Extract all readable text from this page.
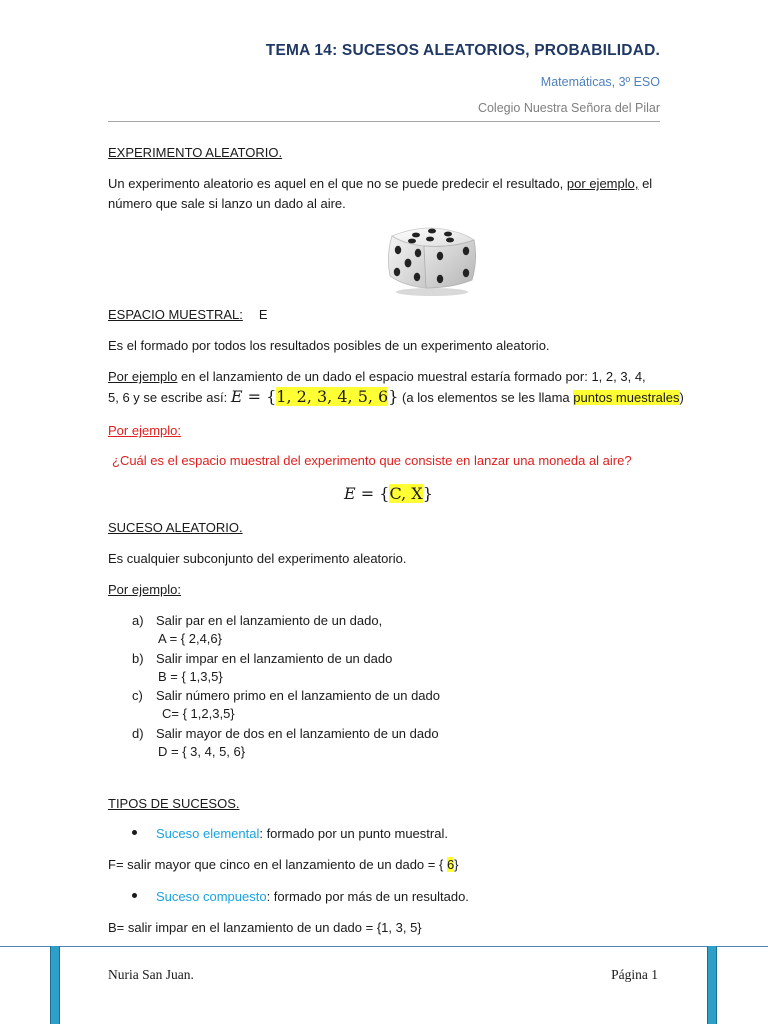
TEMA 14: SUCESOS ALEATORIOS, PROBABILIDAD.
Matemáticas, 3º ESO
Colegio Nuestra Señora del Pilar
EXPERIMENTO ALEATORIO.
Un experimento aleatorio es aquel en el que no se puede predecir el resultado, por ejemplo, el
número que sale si lanzo un dado al aire.
ESPACIO MUESTRAL: E
Es el formado por todos los resultados posibles de un experimento aleatorio.
Por ejemplo en el lanzamiento de un dado el espacio muestral estaría formado por: 1, 2, 3, 4,
5, 6 y se escribe así: E = {1, 2, 3, 4, 5, 6} (a los elementos se les llama puntos muestrales)
Por ejemplo:
¿Cuál es el espacio muestral del experimento que consiste en lanzar una moneda al aire?
E = {C, X}
SUCESO ALEATORIO.
Es cualquier subconjunto del experimento aleatorio.
Por ejemplo:
a) Salir par en el lanzamiento de un dado,
A = { 2,4,6}
b) Salir impar en el lanzamiento de un dado
B = { 1,3,5}
c) Salir número primo en el lanzamiento de un dado
C= { 1,2,3,5}
d) Salir mayor de dos en el lanzamiento de un dado
D = { 3, 4, 5, 6}
TIPOS DE SUCESOS.
Suceso elemental: formado por un punto muestral.
F= salir mayor que cinco en el lanzamiento de un dado = { 6}
Suceso compuesto: formado por más de un resultado.
B= salir impar en el lanzamiento de un dado = {1, 3, 5}
Nuria San Juan.	Página 1
